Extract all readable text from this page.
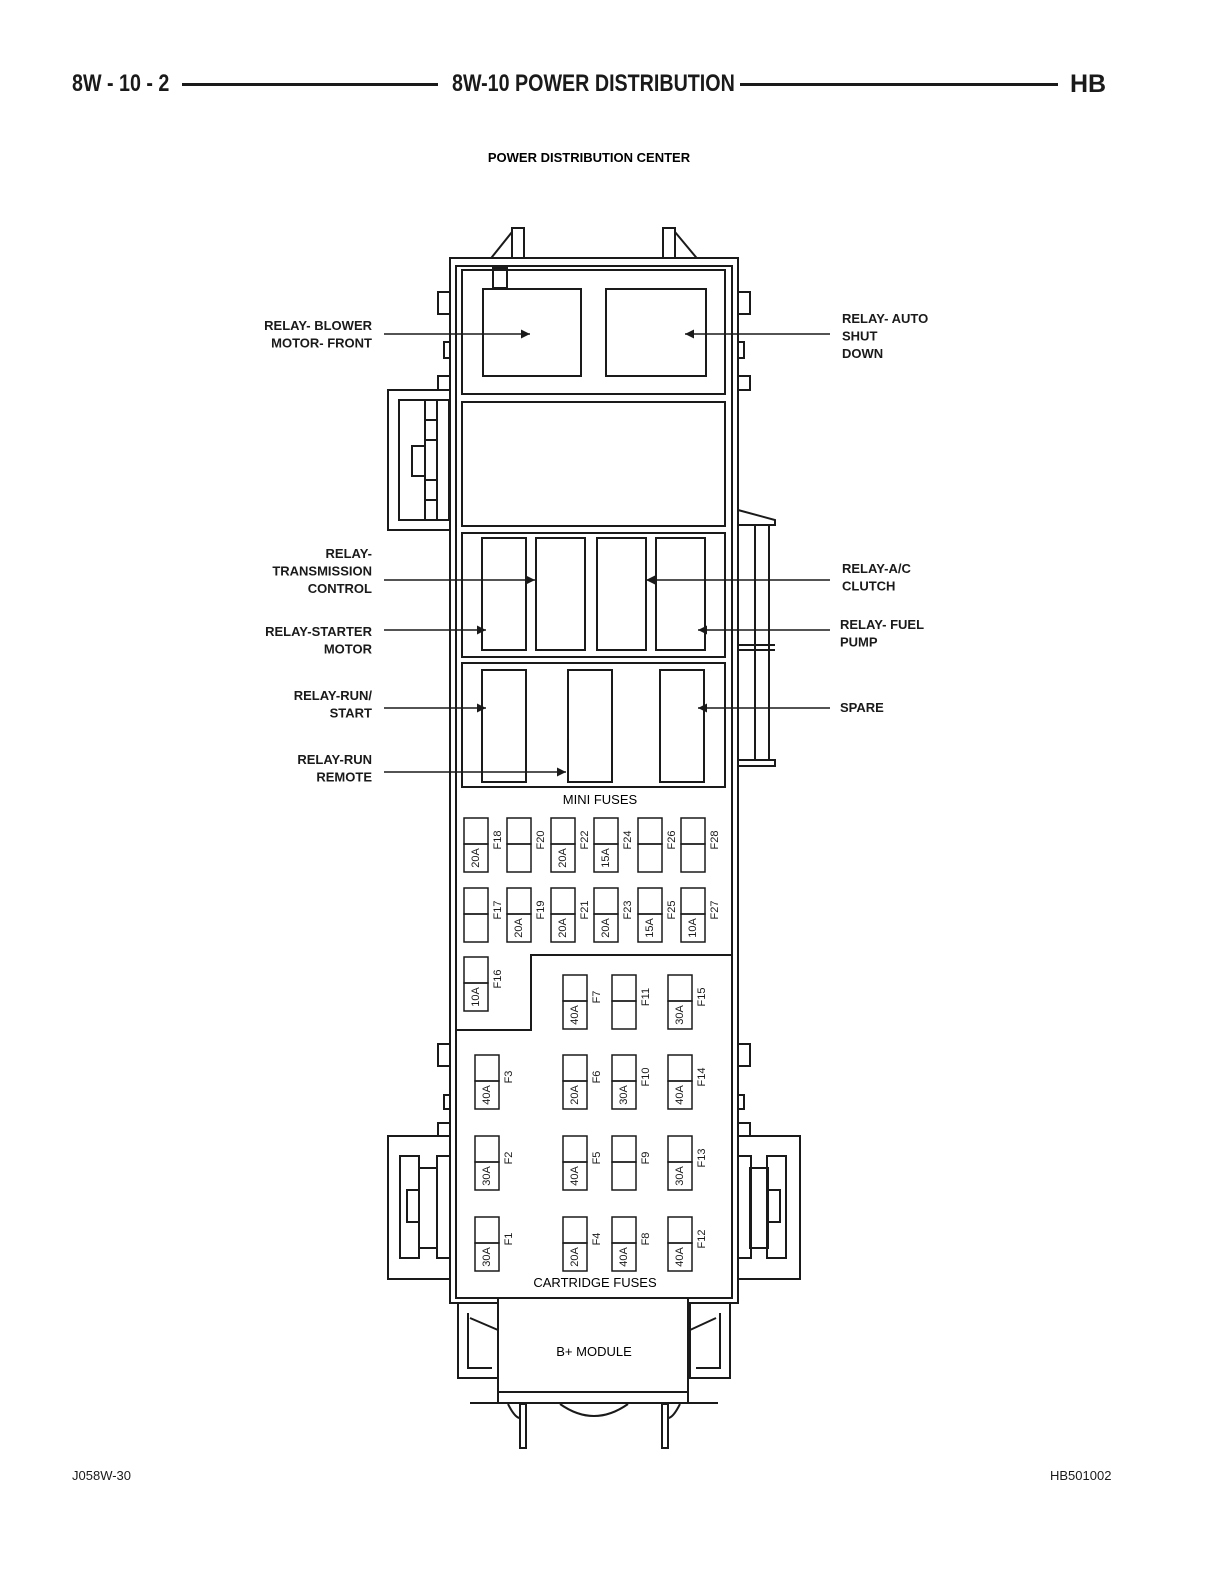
8W - 10 - 2	8W-10 POWER DISTRIBUTION	HB
POWER DISTRIBUTION CENTER
RELAY- BLOWER
MOTOR- FRONT
RELAY- AUTO
SHUT
DOWN
RELAY-
TRANSMISSION
CONTROL
RELAY-A/C
CLUTCH
RELAY-STARTER
MOTOR
RELAY- FUEL
PUMP
RELAY-RUN/
START	SPARE
RELAY-RUN
REMOTE
MINI FUSES
CARTRIDGE FUSES
B+ MODULE
20A
F18	F20
20A
F22
15A
F24	F26	F28
F17
20A
F19
20A
F21
20A
F23
15A
F25
10A
F27
10A
F16
40A
F7	F11
30A
F15
40A
F3
20A
F6
30A
F10
40A
F14
30A
F2
40A
F5	F9
30A
F13
30A
F1
20A
F4
40A
F8
40A
F12
J058W-30	HB501002
